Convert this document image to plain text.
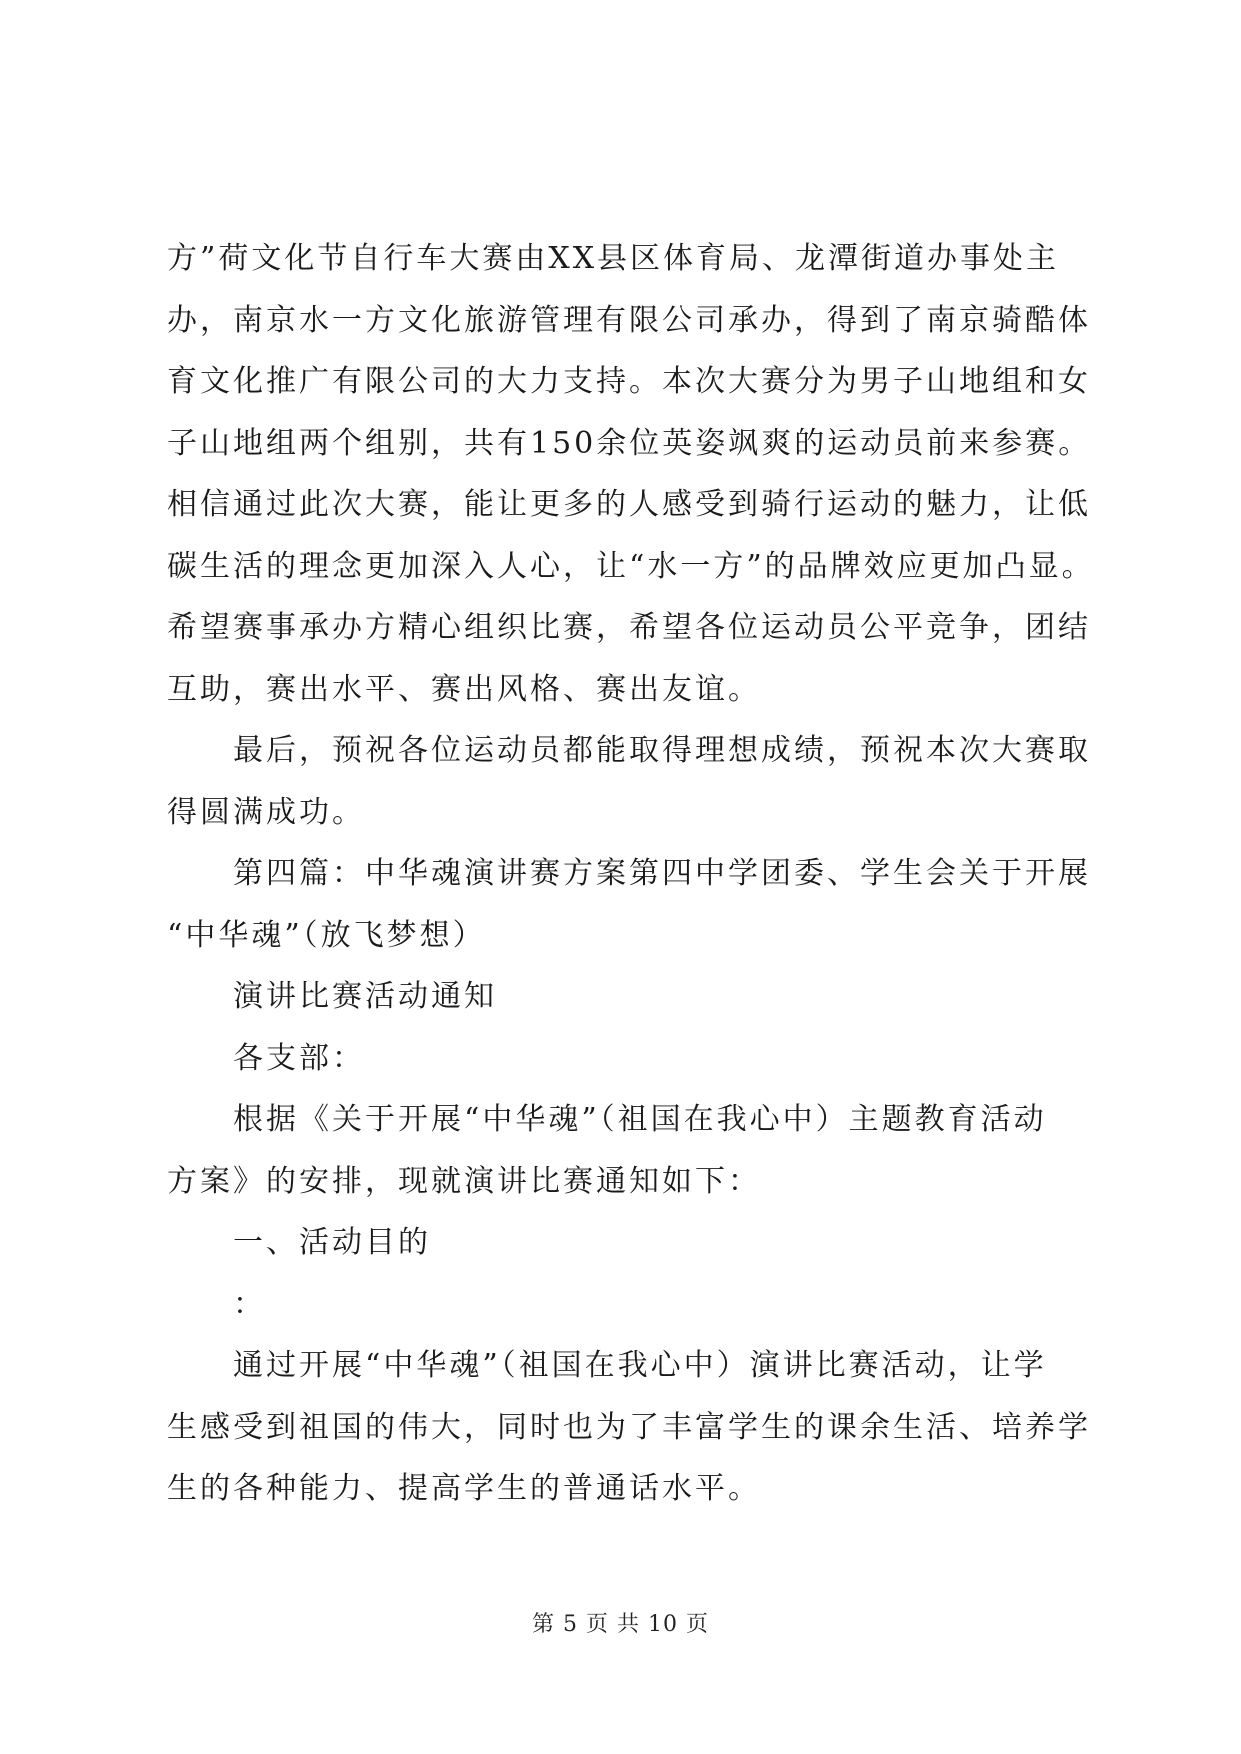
方”荷文化节自行车大赛由XX县区体育局、龙潭街道办事处主
办，南京水一方文化旅游管理有限公司承办，得到了南京骑酷体
育文化推广有限公司的大力支持。本次大赛分为男子山地组和女
子山地组两个组别，共有150余位英姿飒爽的运动员前来参赛。
相信通过此次大赛，能让更多的人感受到骑行运动的魅力，让低
碳生活的理念更加深入人心，让“水一方”的品牌效应更加凸显。
希望赛事承办方精心组织比赛，希望各位运动员公平竞争，团结
互助，赛出水平、赛出风格、赛出友谊。

最后，预祝各位运动员都能取得理想成绩，预祝本次大赛取
得圆满成功。

第四篇：中华魂演讲赛方案第四中学团委、学生会关于开展
“中华魂”（放飞梦想）

演讲比赛活动通知

各支部：

根据《关于开展“中华魂”（祖国在我心中）主题教育活动
方案》的安排，现就演讲比赛通知如下：

一、活动目的

：

通过开展“中华魂”（祖国在我心中）演讲比赛活动，让学
生感受到祖国的伟大，同时也为了丰富学生的课余生活、培养学
生的各种能力、提高学生的普通话水平。

第 5 页 共 10 页
